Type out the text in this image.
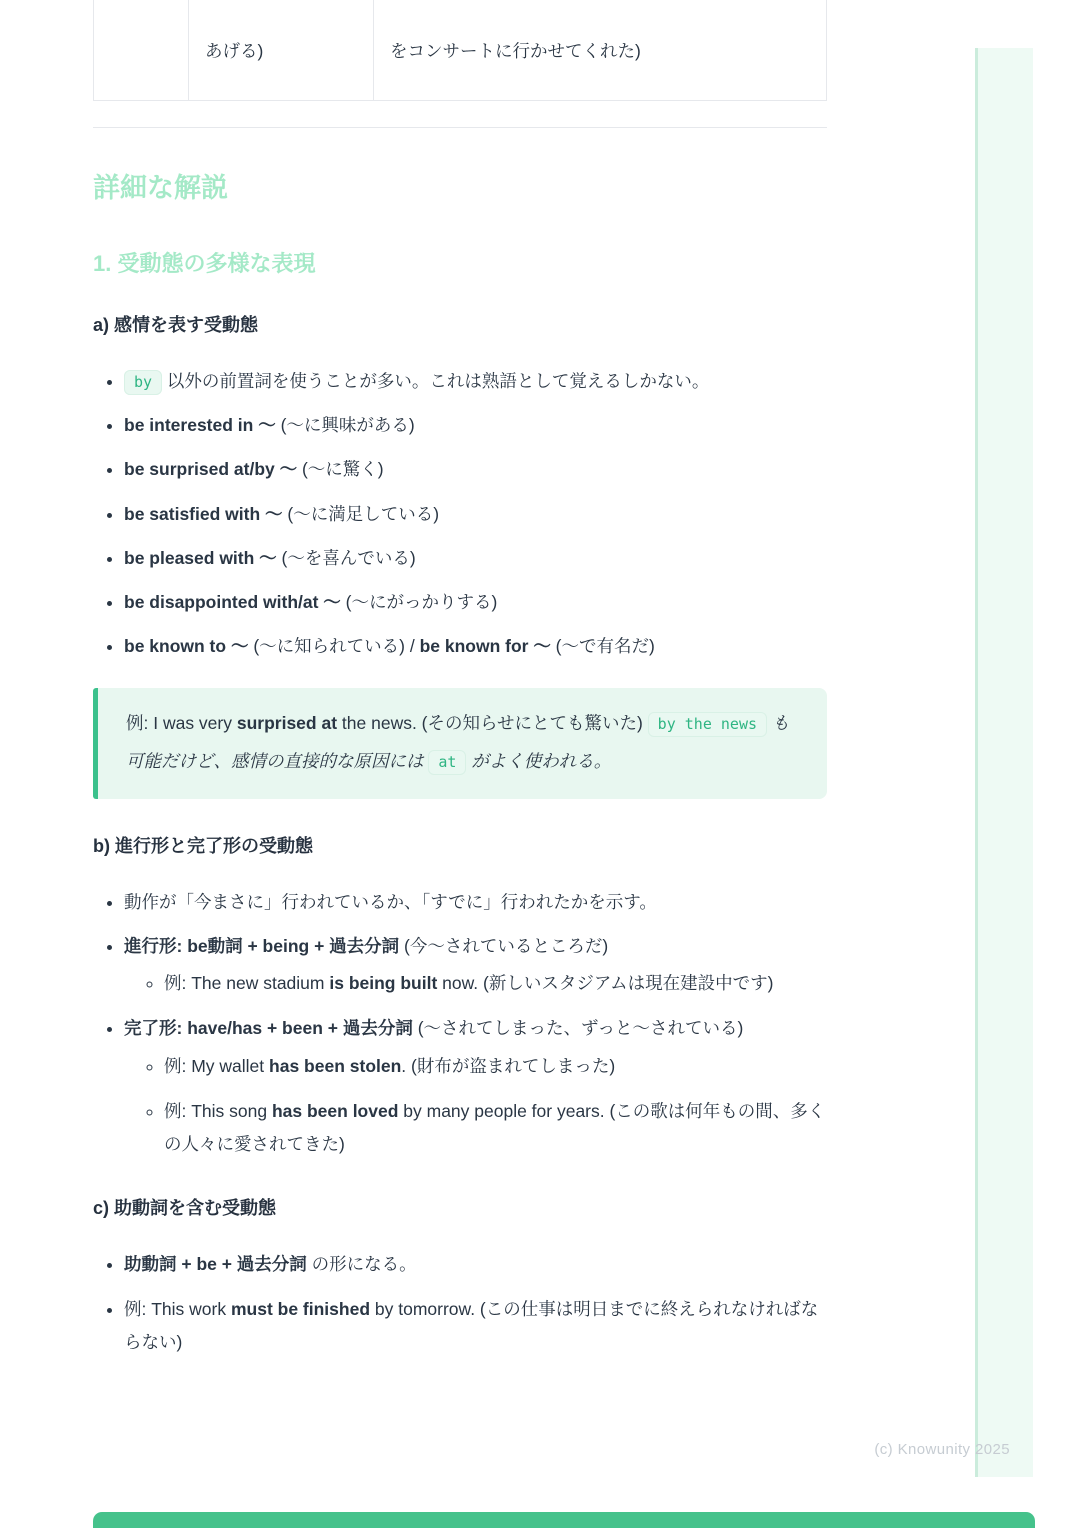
あげる)	をコンサートに行かせてくれた)
詳細な解説
1. 受動態の多様な表現

a) 感情を表す受動態

• by 以外の前置詞を使うことが多い。これは熟語として覚えるしかない。
• be interested in 〜 (〜に興味がある)
• be surprised at/by 〜 (〜に驚く)
• be satisfied with 〜 (〜に満足している)
• be pleased with 〜 (〜を喜んでいる)
• be disappointed with/at 〜 (〜にがっかりする)
• be known to 〜 (〜に知られている) / be known for 〜 (〜で有名だ)

例: I was very surprised at the news. (その知らせにとても驚いた) by the news も可能だけど、感情の直接的な原因には at がよく使われる。

b) 進行形と完了形の受動態

• 動作が「今まさに」行われているか、「すでに」行われたかを示す。
• 進行形: be動詞 + being + 過去分詞 (今〜されているところだ)
◦ 例: The new stadium is being built now. (新しいスタジアムは現在建設中です)
• 完了形: have/has + been + 過去分詞 (〜されてしまった、ずっと〜されている)
◦ 例: My wallet has been stolen. (財布が盗まれてしまった)
◦ 例: This song has been loved by many people for years. (この歌は何年もの間、多くの人々に愛されてきた)

c) 助動詞を含む受動態

• 助動詞 + be + 過去分詞 の形になる。
• 例: This work must be finished by tomorrow. (この仕事は明日までに終えられなければならない)
(c) Knowunity 2025
